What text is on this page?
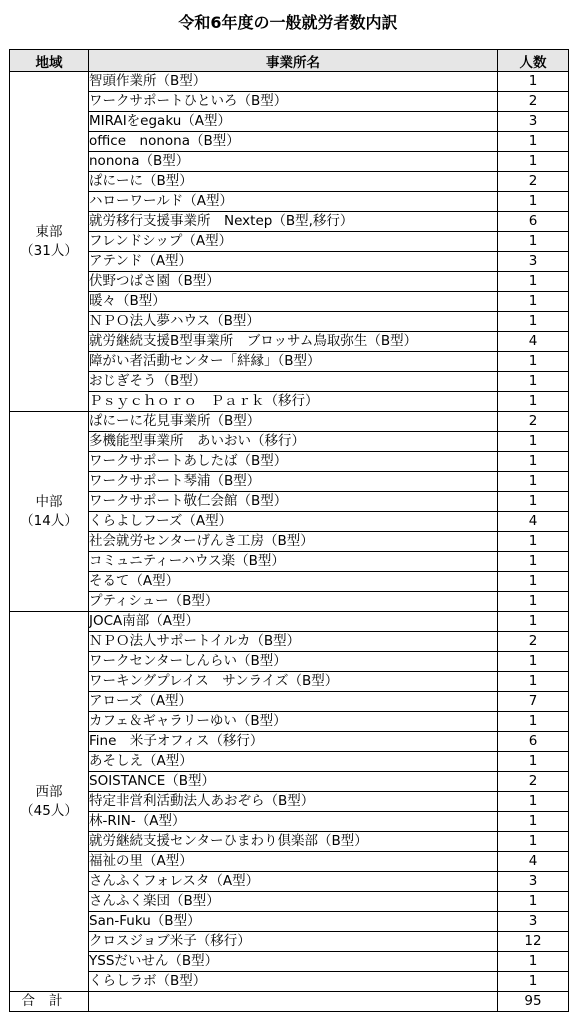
令和6年度の一般就労者数内訳
地域	事業所名	人数

東部
（31人）	智頭作業所（B型）	1
	ワークサポートひといろ（B型）	2
	MIRAIをegaku（A型）	3
	office　nonona（B型）	1
	nonona（B型）	1
	ぱにーに（B型）	2
	ハローワールド（A型）	1
	就労移行支援事業所　Nextep（B型,移行）	6
	フレンドシップ（A型）	1
	アテンド（A型）	3
	伏野つばさ園（B型）	1
	暖々（B型）	1
	ＮＰＯ法人夢ハウス（B型）	1
	就労継続支援B型事業所　ブロッサム鳥取弥生（B型）	4
	障がい者活動センター「絆縁」（B型）	1
	おじぎそう（B型）	1
	Ｐｓｙｃｈｏｒｏ　Ｐａｒｋ（移行）	1

中部
（14人）	ぱにーに花見事業所（B型）	2
	多機能型事業所　あいおい（移行）	1
	ワークサポートあしたば（B型）	1
	ワークサポート琴浦（B型）	1
	ワークサポート敬仁会館（B型）	1
	くらよしフーズ（A型）	4
	社会就労センターげんき工房（B型）	1
	コミュニティーハウス楽（B型）	1
	そるて（A型）	1
	プティシュー（B型）	1

西部
（45人）	JOCA南部（A型）	1
	ＮＰＯ法人サポートイルカ（B型）	2
	ワークセンターしんらい（B型）	1
	ワーキングプレイス　サンライズ（B型）	1
	アローズ（A型）	7
	カフェ＆ギャラリーゆい（B型）	1
	Fine　米子オフィス（移行）	6
	あそしえ（A型）	1
	SOISTANCE（B型）	2
	特定非営利活動法人あおぞら（B型）	1
	林-RIN-（A型）	1
	就労継続支援センターひまわり倶楽部（B型）	1
	福祉の里（A型）	4
	さんふくフォレスタ（A型）	3
	さんふく楽団（B型）	1
	San-Fuku（B型）	3
	クロスジョブ米子（移行）	12
	YSSだいせん（B型）	1
	くらしラボ（B型）	1
合計		95
